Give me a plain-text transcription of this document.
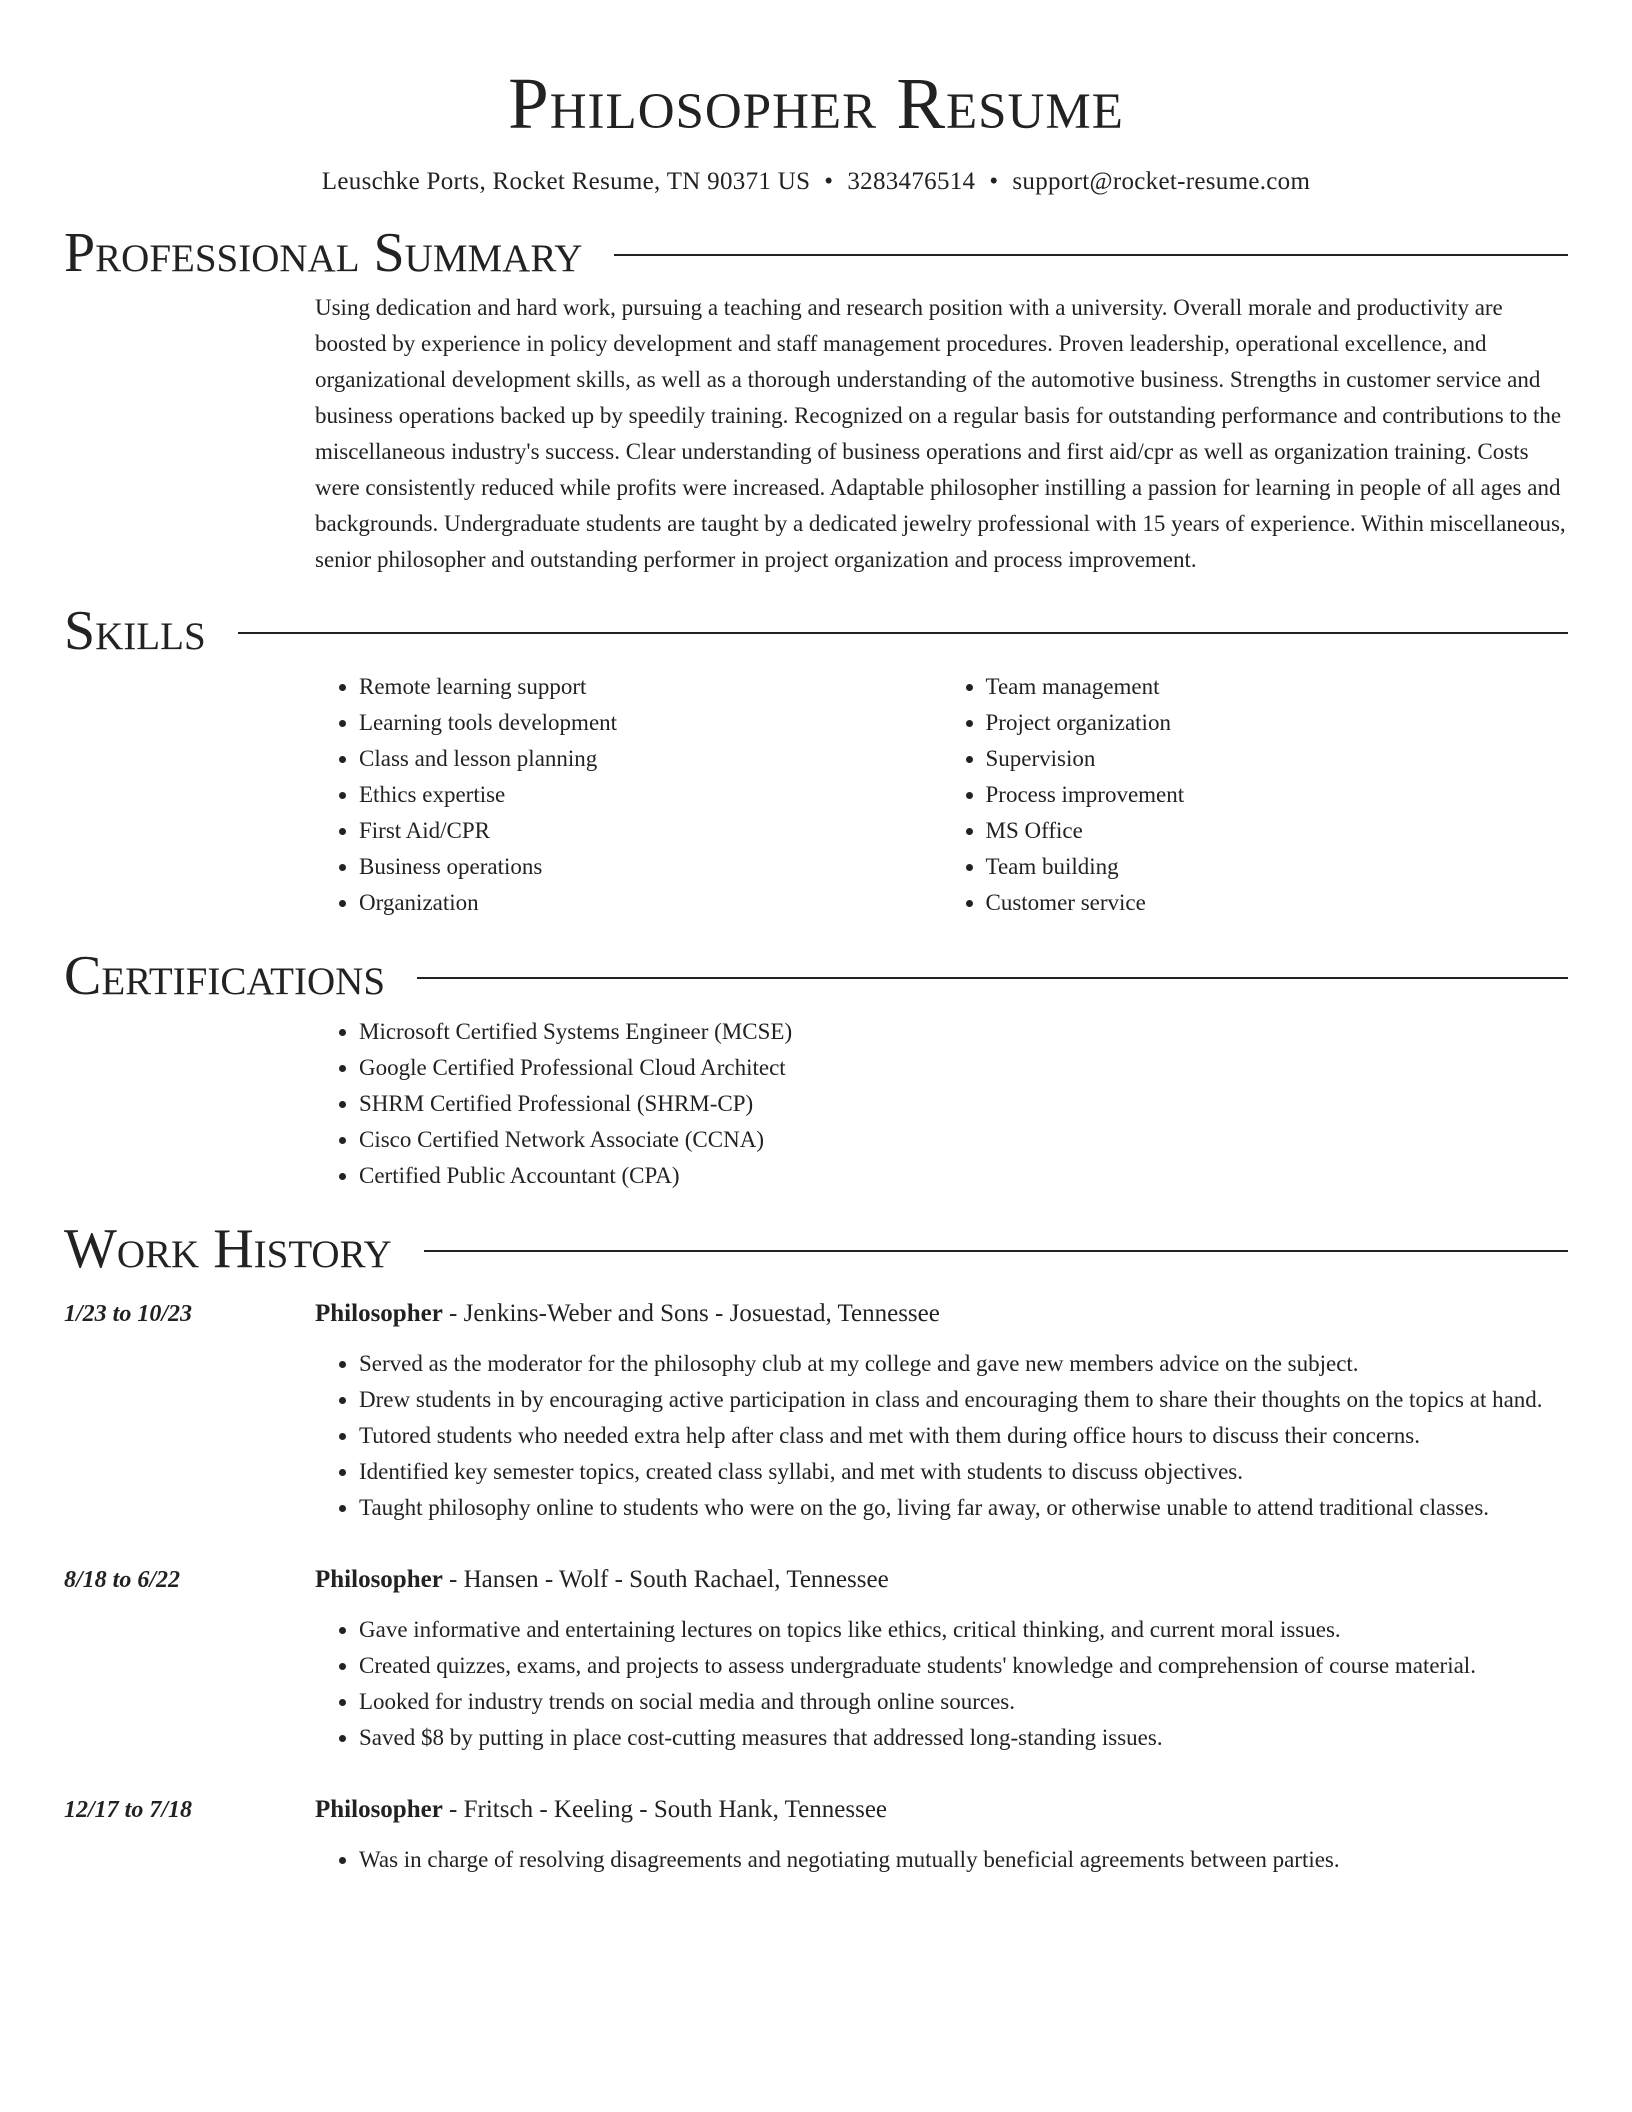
Philosopher Resume
Leuschke Ports, Rocket Resume, TN 90371 US • 3283476514 • support@rocket-resume.com
Professional Summary

Using dedication and hard work, pursuing a teaching and research position with a university. Overall morale and productivity are boosted by experience in policy development and staff management procedures. Proven leadership, operational excellence, and organizational development skills, as well as a thorough understanding of the automotive business. Strengths in customer service and business operations backed up by speedily training. Recognized on a regular basis for outstanding performance and contributions to the miscellaneous industry's success. Clear understanding of business operations and first aid/cpr as well as organization training. Costs were consistently reduced while profits were increased. Adaptable philosopher instilling a passion for learning in people of all ages and backgrounds. Undergraduate students are taught by a dedicated jewelry professional with 15 years of experience. Within miscellaneous, senior philosopher and outstanding performer in project organization and process improvement.

Skills
• Remote learning support
• Learning tools development
• Class and lesson planning
• Ethics expertise
• First Aid/CPR
• Business operations
• Organization
• Team management
• Project organization
• Supervision
• Process improvement
• MS Office
• Team building
• Customer service
Certifications
• Microsoft Certified Systems Engineer (MCSE)
• Google Certified Professional Cloud Architect
• SHRM Certified Professional (SHRM-CP)
• Cisco Certified Network Associate (CCNA)
• Certified Public Accountant (CPA)
Work History
1/23 to 10/23	Philosopher - Jenkins-Weber and Sons - Josuestad, Tennessee
• Served as the moderator for the philosophy club at my college and gave new members advice on the subject.
• Drew students in by encouraging active participation in class and encouraging them to share their thoughts on the topics at hand.
• Tutored students who needed extra help after class and met with them during office hours to discuss their concerns.
• Identified key semester topics, created class syllabi, and met with students to discuss objectives.
• Taught philosophy online to students who were on the go, living far away, or otherwise unable to attend traditional classes.
8/18 to 6/22	Philosopher - Hansen - Wolf - South Rachael, Tennessee
• Gave informative and entertaining lectures on topics like ethics, critical thinking, and current moral issues.
• Created quizzes, exams, and projects to assess undergraduate students' knowledge and comprehension of course material.
• Looked for industry trends on social media and through online sources.
• Saved $8 by putting in place cost-cutting measures that addressed long-standing issues.
12/17 to 7/18	Philosopher - Fritsch - Keeling - South Hank, Tennessee
• Was in charge of resolving disagreements and negotiating mutually beneficial agreements between parties.
